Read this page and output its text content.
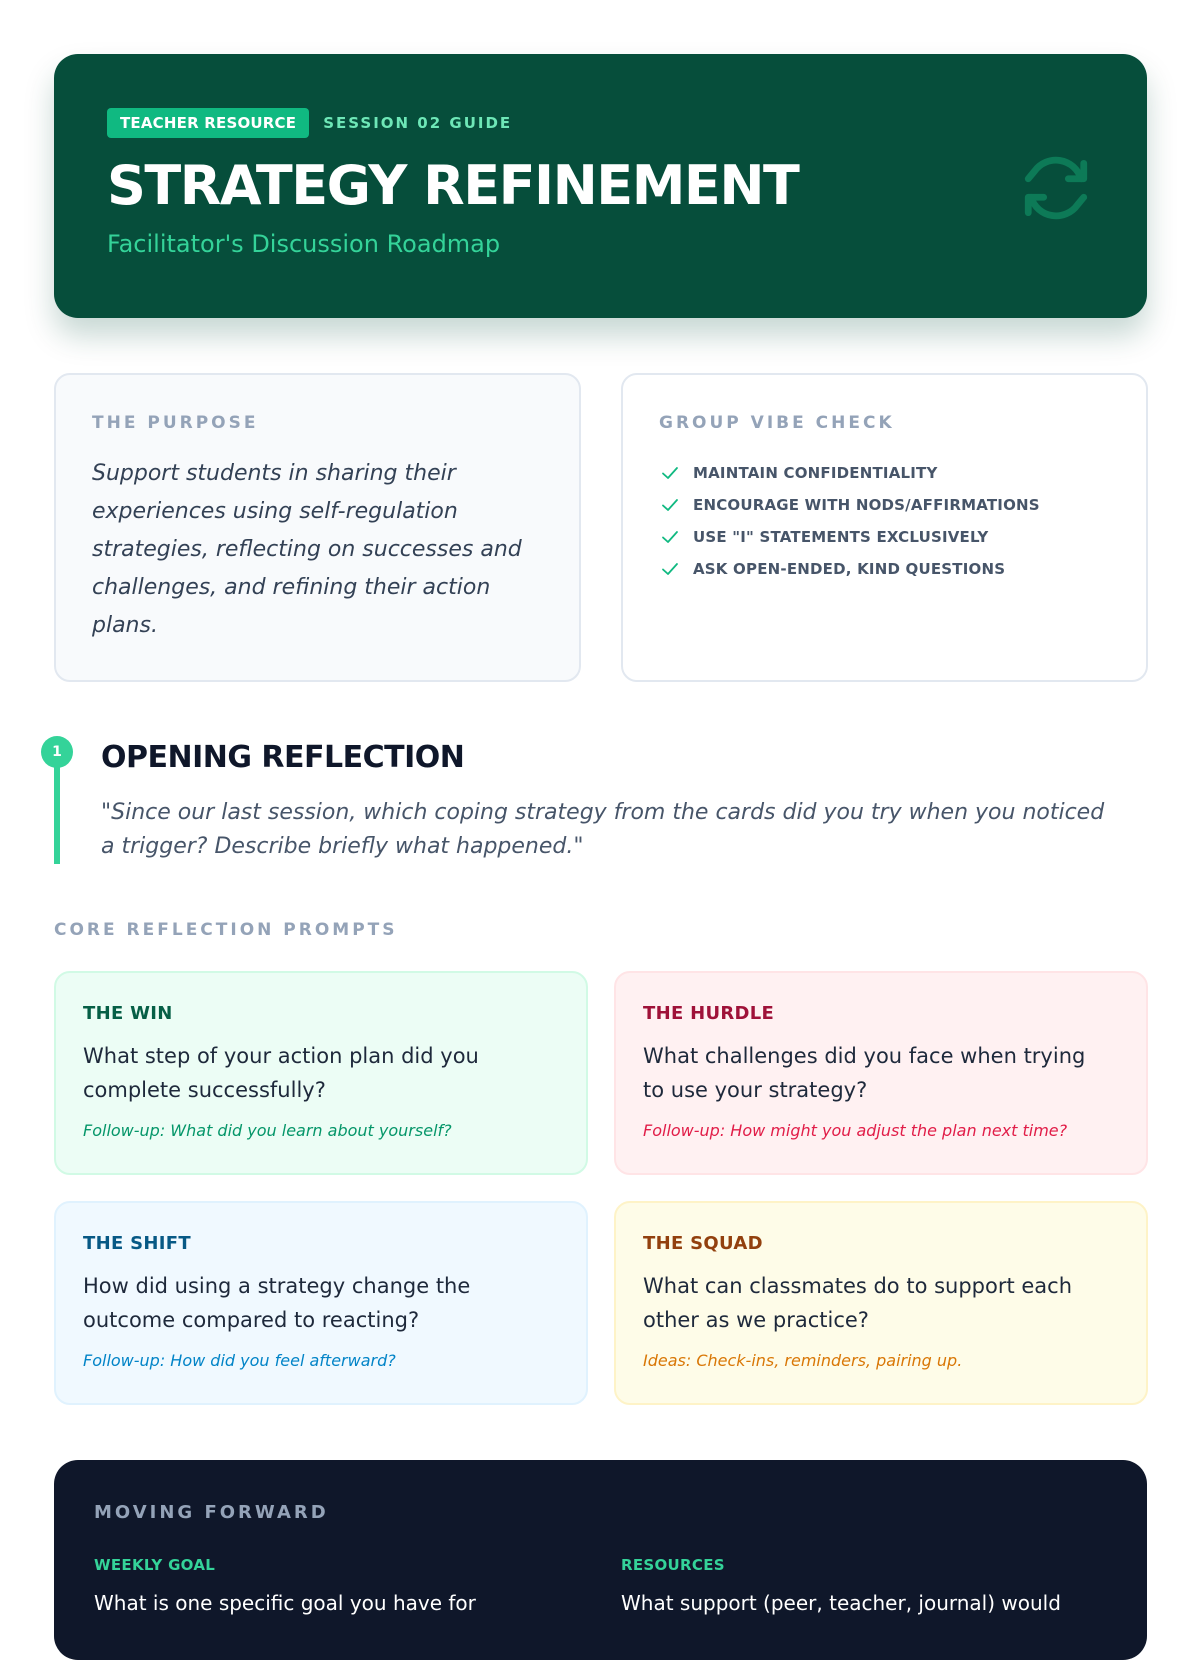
TEACHER RESOURCE	SESSION 02 GUIDE
STRATEGY REFINEMENT
Facilitator's Discussion Roadmap
THE PURPOSE
Support students in sharing their experiences using self-regulation strategies, reflecting on successes and challenges, and refining their action plans.
GROUP VIBE CHECK
MAINTAIN CONFIDENTIALITY
ENCOURAGE WITH NODS/AFFIRMATIONS
USE "I" STATEMENTS EXCLUSIVELY
ASK OPEN-ENDED, KIND QUESTIONS
1	OPENING REFLECTION
"Since our last session, which coping strategy from the cards did you try when you noticed a trigger? Describe briefly what happened."
CORE REFLECTION PROMPTS
THE WIN
What step of your action plan did you complete successfully?
Follow-up: What did you learn about yourself?
THE HURDLE
What challenges did you face when trying to use your strategy?
Follow-up: How might you adjust the plan next time?
THE SHIFT
How did using a strategy change the outcome compared to reacting?
Follow-up: How did you feel afterward?
THE SQUAD
What can classmates do to support each other as we practice?
Ideas: Check-ins, reminders, pairing up.
MOVING FORWARD
WEEKLY GOAL
What is one specific goal you have for
RESOURCES
What support (peer, teacher, journal) would
